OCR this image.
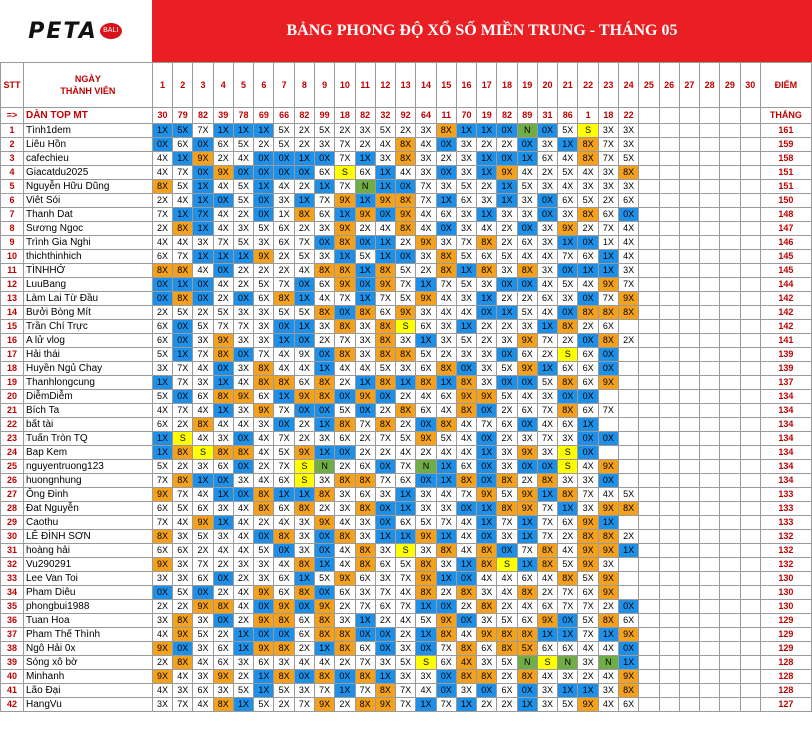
PETA BALI	BẢNG PHONG ĐỘ XỔ SỐ MIỀN TRUNG - THÁNG 05
STT	NGÀY
THÀNH VIÊN	1	2	3	4	5	6	7	8	9	10	11	12	13	14	15	16	17	18	19	20	21	22	23	24	25	26	27	28	29	30	ĐIỂM
=>	DÀN TOP MT	30	79	82	39	78	69	66	82	99	18	82	32	92	64	11	70	19	82	89	31	86	1	18	22							THẮNG
1	Tình1dem	1X	5X	7X	1X	1X	1X	5X	2X	5X	2X	3X	5X	2X	3X	8X	1X	1X	0X	N	0X	5X	S	3X	3X							161
2	Liêu Hồn	0X	6X	0X	6X	5X	2X	5X	2X	3X	7X	2X	4X	8X	4X	0X	3X	2X	2X	0X	3X	1X	8X	7X	3X							159
3	cafechieu	4X	1X	9X	2X	4X	0X	0X	1X	0X	7X	1X	3X	8X	3X	2X	3X	1X	0X	1X	6X	4X	8X	7X	5X							158
4	Giacatdu2025	4X	7X	0X	9X	0X	0X	0X	0X	6X	S	6X	1X	4X	3X	0X	3X	1X	9X	4X	2X	5X	4X	3X	8X							151
5	Nguyễn Hữu Dũng	8X	5X	1X	4X	5X	1X	4X	2X	1X	7X	N	1X	0X	7X	3X	5X	2X	1X	5X	3X	4X	3X	3X	3X							151
6	Viêt Sói	2X	4X	1X	0X	5X	0X	3X	1X	7X	9X	1X	9X	8X	7X	1X	6X	3X	1X	3X	0X	6X	5X	2X	6X							150
7	Thanh Dat	7X	1X	7X	4X	2X	0X	1X	8X	6X	1X	9X	0X	9X	4X	6X	3X	1X	3X	3X	0X	3X	8X	6X	0X							148
8	Sương Ngoc	2X	8X	1X	4X	3X	5X	6X	2X	3X	9X	2X	4X	8X	4X	0X	3X	4X	2X	0X	3X	9X	2X	7X	4X							147
9	Trình Gia Nghi	4X	4X	3X	7X	5X	3X	6X	7X	0X	8X	0X	1X	2X	9X	3X	7X	8X	2X	6X	3X	1X	0X	1X	4X							146
10	thichthinhich	6X	7X	1X	1X	1X	9X	2X	5X	3X	1X	5X	1X	0X	3X	8X	5X	6X	5X	4X	4X	7X	6X	1X	4X							145
11	TÌNHHỚ	8X	8X	4X	0X	2X	2X	2X	4X	8X	8X	1X	8X	5X	2X	8X	1X	8X	3X	8X	3X	0X	1X	1X	3X							145
12	LuuBang	0X	1X	0X	4X	2X	5X	7X	0X	6X	9X	0X	9X	7X	1X	7X	5X	3X	0X	0X	4X	5X	4X	9X	7X							144
13	Làm Lai Từ Đầu	0X	8X	0X	2X	0X	6X	8X	1X	4X	7X	1X	7X	5X	9X	4X	3X	1X	2X	2X	6X	3X	0X	7X	9X							142
14	Bưởi Bòng Mít	2X	5X	2X	5X	3X	3X	5X	5X	8X	0X	8X	6X	9X	3X	4X	4X	0X	1X	5X	4X	0X	8X	8X	8X							142
15	Trần Chí Trực	6X	0X	5X	7X	7X	3X	0X	1X	3X	8X	3X	8X	S	6X	3X	1X	2X	2X	3X	1X	8X	2X	6X								142
16	A lử vlog	6X	0X	3X	9X	3X	3X	1X	0X	2X	7X	3X	8X	3X	1X	3X	5X	2X	3X	9X	7X	2X	0X	8X	2X							141
17	Hải thái	5X	1X	7X	8X	0X	7X	4X	9X	0X	8X	3X	8X	8X	5X	2X	3X	3X	0X	6X	2X	S	6X	0X								139
18	Huyền Ngủ Chay	3X	7X	4X	0X	3X	8X	4X	4X	1X	4X	4X	5X	3X	6X	8X	0X	3X	5X	9X	1X	6X	6X	0X								139
19	Thanhlongcung	1X	7X	3X	1X	4X	8X	8X	6X	8X	2X	1X	8X	1X	8X	1X	8X	3X	0X	0X	5X	8X	6X	9X								137
20	DiễmDiễm	5X	0X	6X	8X	9X	6X	1X	9X	8X	0X	9X	0X	2X	4X	6X	9X	9X	5X	4X	3X	0X	0X									134
21	Bích Ta	4X	7X	4X	1X	3X	9X	7X	0X	0X	5X	0X	2X	8X	6X	4X	8X	0X	2X	6X	7X	8X	6X	7X								134
22	bất tài	6X	2X	8X	4X	4X	3X	0X	2X	1X	8X	7X	8X	2X	0X	8X	4X	7X	6X	0X	4X	6X	1X									134
23	Tuấn Tròn TQ	1X	S	4X	3X	0X	4X	7X	2X	3X	6X	2X	7X	5X	9X	5X	4X	0X	2X	3X	7X	3X	0X	0X								134
24	Bap Kem	1X	8X	S	8X	8X	4X	5X	9X	1X	0X	2X	2X	4X	2X	4X	4X	1X	3X	9X	3X	S	0X									134
25	nguyentruong123	5X	2X	3X	6X	0X	2X	7X	S	N	2X	6X	0X	7X	N	1X	6X	0X	3X	0X	0X	S	4X	9X								134
26	huongnhung	7X	8X	1X	0X	3X	4X	6X	S	3X	8X	8X	7X	6X	0X	1X	8X	0X	8X	2X	8X	3X	3X	0X								134
27	Ông Đinh	9X	7X	4X	1X	0X	8X	1X	1X	8X	3X	6X	3X	1X	3X	4X	7X	9X	5X	9X	1X	8X	7X	4X	5X							133
28	Đat Nguyễn	6X	5X	6X	3X	4X	8X	6X	8X	2X	3X	8X	0X	1X	3X	3X	0X	1X	8X	9X	7X	1X	3X	9X	8X							133
29	Caothu	7X	4X	9X	1X	4X	2X	4X	3X	9X	4X	3X	0X	6X	5X	7X	4X	1X	7X	1X	7X	6X	9X	1X								133
30	LÊ ĐÌNH SƠN	8X	3X	5X	3X	4X	0X	8X	3X	0X	8X	3X	1X	1X	9X	1X	4X	0X	3X	1X	7X	2X	8X	8X	2X							132
31	hoàng hải	6X	6X	2X	4X	4X	5X	0X	3X	0X	4X	8X	3X	S	3X	8X	4X	8X	0X	7X	8X	4X	9X	9X	1X							132
32	Vu290291	9X	3X	7X	2X	3X	3X	4X	8X	1X	4X	8X	6X	5X	8X	3X	1X	8X	S	1X	8X	5X	9X	3X								132
33	Lee Van Toi	3X	3X	6X	0X	2X	3X	6X	1X	5X	9X	6X	3X	7X	9X	1X	0X	4X	4X	6X	4X	8X	5X	9X								130
34	Pham Diêu	0X	5X	0X	2X	4X	9X	6X	8X	0X	6X	3X	7X	4X	8X	2X	8X	3X	4X	8X	2X	7X	6X	9X								130
35	phongbui1988	2X	2X	9X	8X	4X	0X	9X	0X	9X	2X	7X	6X	7X	1X	0X	2X	8X	2X	4X	6X	7X	7X	2X	0X							130
36	Tuan Hoa	3X	8X	3X	0X	2X	9X	8X	6X	8X	3X	1X	2X	4X	5X	9X	0X	3X	5X	6X	9X	0X	5X	8X	6X							129
37	Pham Thế Thình	4X	9X	5X	2X	1X	0X	0X	6X	8X	8X	0X	0X	2X	1X	8X	4X	9X	8X	8X	1X	1X	7X	1X	9X							129
38	Ngô Hải 0x	9X	0X	3X	6X	1X	9X	8X	2X	1X	8X	6X	0X	3X	0X	7X	8X	6X	8X	5X	6X	6X	4X	4X	0X							129
39	Sóng xô bờ	2X	8X	4X	6X	3X	6X	3X	4X	4X	2X	7X	3X	5X	S	6X	4X	3X	5X	N	S	N	3X	N	1X							128
40	Minhanh	9X	4X	3X	9X	2X	1X	8X	0X	8X	0X	8X	1X	3X	3X	0X	8X	8X	2X	8X	4X	3X	2X	4X	9X							128
41	Lão Đại	4X	3X	6X	3X	5X	1X	5X	3X	7X	1X	7X	8X	7X	4X	0X	3X	0X	6X	0X	3X	1X	1X	3X	8X							128
42	HangVu	3X	7X	4X	8X	1X	5X	2X	7X	9X	2X	8X	9X	7X	1X	7X	1X	2X	2X	1X	3X	5X	9X	4X	6X							127
